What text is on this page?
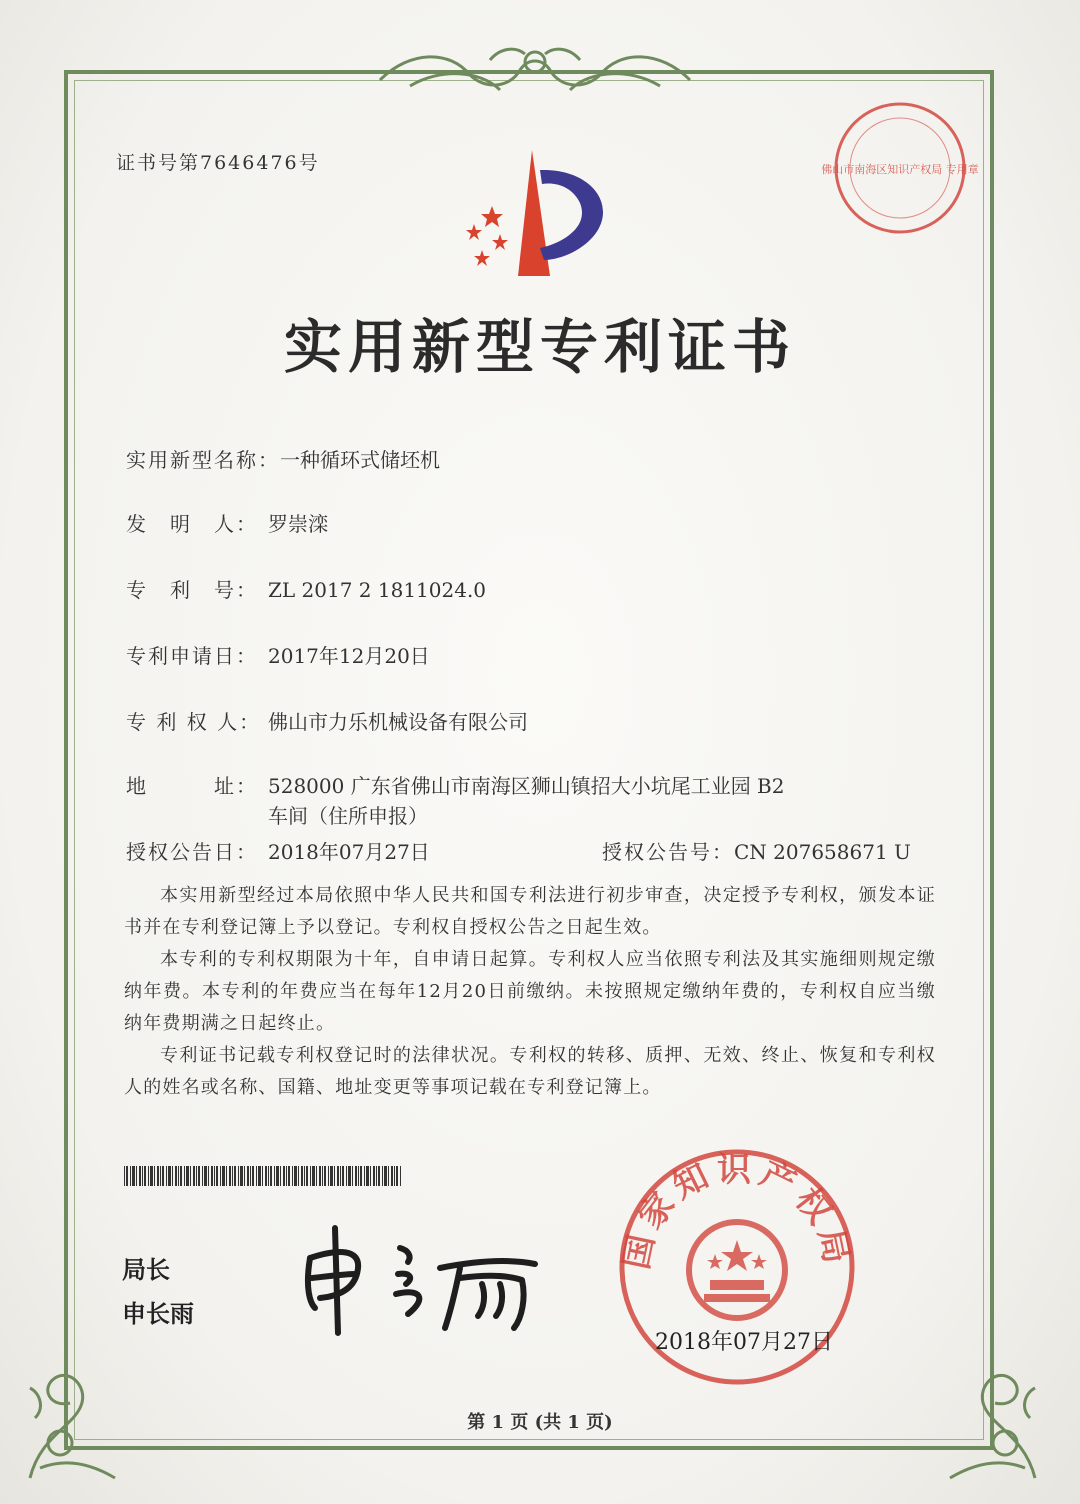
证书号第7646476号	佛山市南海区知识产权局 专用章
实用新型专利证书
实用新型名称：一种循环式储坯机
发　明　人： 罗崇滦
专　利　号： ZL 2017 2 1811024.0
专利申请日： 2017年12月20日
专 利 权 人： 佛山市力乐机械设备有限公司
地　　　址： 528000 广东省佛山市南海区狮山镇招大小坑尾工业园 B2
车间（住所申报）
授权公告日： 2018年07月27日	授权公告号：CN 207658671 U
本实用新型经过本局依照中华人民共和国专利法进行初步审查，决定授予专利权，颁发本证书并在专利登记簿上予以登记。专利权自授权公告之日起生效。
本专利的专利权期限为十年，自申请日起算。专利权人应当依照专利法及其实施细则规定缴纳年费。本专利的年费应当在每年12月20日前缴纳。未按照规定缴纳年费的，专利权自应当缴纳年费期满之日起终止。
专利证书记载专利权登记时的法律状况。专利权的转移、质押、无效、终止、恢复和专利权人的姓名或名称、国籍、地址变更等事项记载在专利登记簿上。
局长
申长雨
国家知识产权局
2018年07月27日
第 1 页 (共 1 页)
